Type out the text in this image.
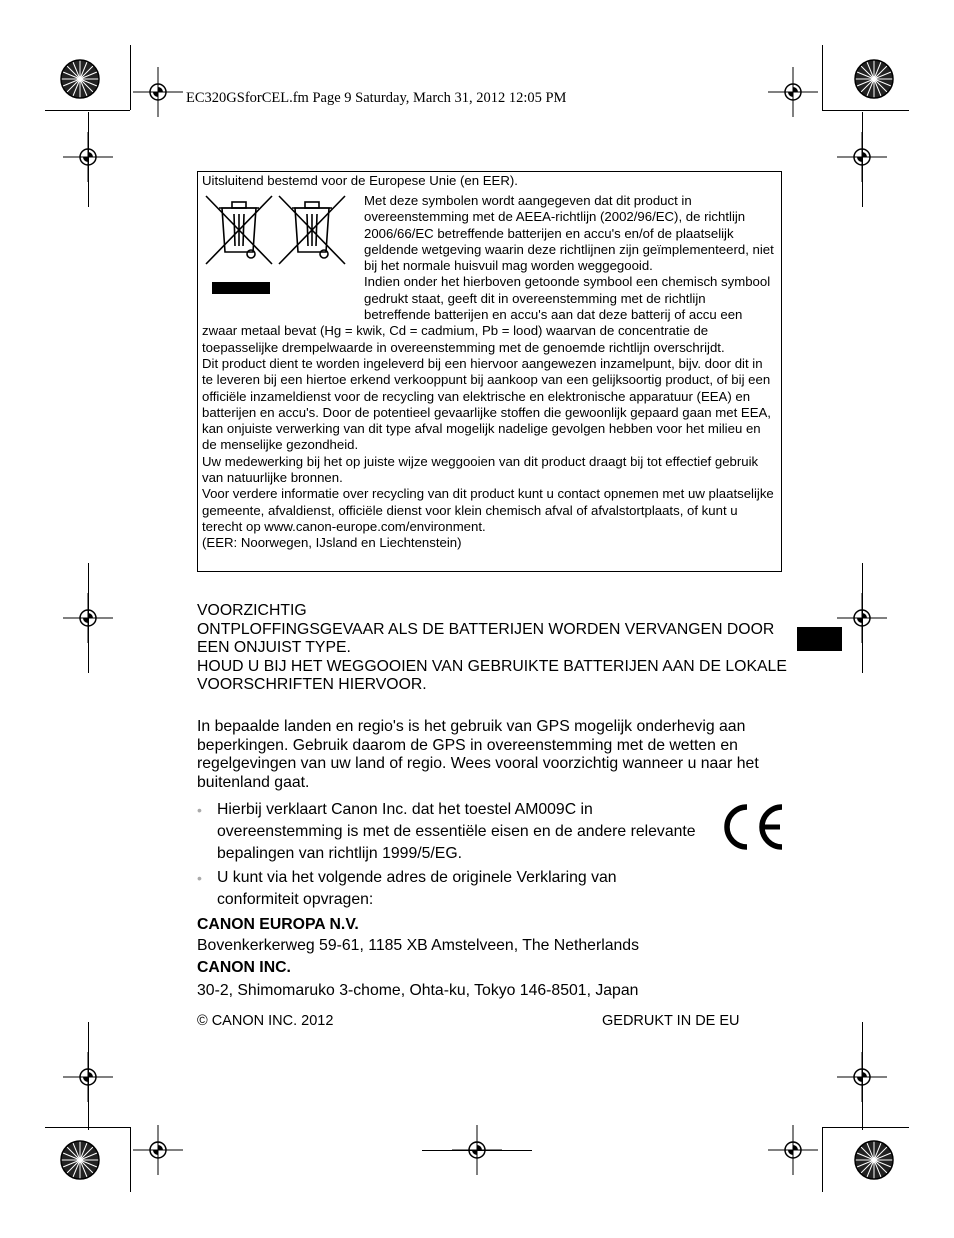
EC320GSforCEL.fm Page 9 Saturday, March 31, 2012 12:05 PM
Uitsluitend bestemd voor de Europese Unie (en EER).

Met deze symbolen wordt aangegeven dat dit product in overeenstemming met de AEEA-richtlijn (2002/96/EC), de richtlijn 2006/66/EC betreffende batterijen en accu's en/of de plaatselijk geldende wetgeving waarin deze richtlijnen zijn geïmplementeerd, niet bij het normale huisvuil mag worden weggegooid.

Indien onder het hierboven getoonde symbool een chemisch symbool gedrukt staat, geeft dit in overeenstemming met de richtlijn betreffende batterijen en accu's aan dat deze batterij of accu een zwaar metaal bevat (Hg = kwik, Cd = cadmium, Pb = lood) waarvan de concentratie de toepasselijke drempelwaarde in overeenstemming met de genoemde richtlijn overschrijdt.

Dit product dient te worden ingeleverd bij een hiervoor aangewezen inzamelpunt, bijv. door dit in te leveren bij een hiertoe erkend verkooppunt bij aankoop van een gelijksoortig product, of bij een officiële inzameldienst voor de recycling van elektrische en elektronische apparatuur (EEA) en batterijen en accu's. Door de potentieel gevaarlijke stoffen die gewoonlijk gepaard gaan met EEA, kan onjuiste verwerking van dit type afval mogelijk nadelige gevolgen hebben voor het milieu en de menselijke gezondheid.

Uw medewerking bij het op juiste wijze weggooien van dit product draagt bij tot effectief gebruik van natuurlijke bronnen.

Voor verdere informatie over recycling van dit product kunt u contact opnemen met uw plaatselijke gemeente, afvaldienst, officiële dienst voor klein chemisch afval of afvalstortplaats, of kunt u terecht op www.canon-europe.com/environment.

(EER: Noorwegen, IJsland en Liechtenstein)

VOORZICHTIG

ONTPLOFFINGSGEVAAR ALS DE BATTERIJEN WORDEN VERVANGEN DOOR EEN ONJUIST TYPE.

HOUD U BIJ HET WEGGOOIEN VAN GEBRUIKTE BATTERIJEN AAN DE LOKALE VOORSCHRIFTEN HIERVOOR.

In bepaalde landen en regio's is het gebruik van GPS mogelijk onderhevig aan beperkingen. Gebruik daarom de GPS in overeenstemming met de wetten en regelgevingen van uw land of regio. Wees vooral voorzichtig wanneer u naar het buitenland gaat.

• Hierbij verklaart Canon Inc. dat het toestel AM009C in overeenstemming is met de essentiële eisen en de andere relevante bepalingen van richtlijn 1999/5/EG.
• U kunt via het volgende adres de originele Verklaring van conformiteit opvragen:
CANON EUROPA N.V.
Bovenkerkerweg 59-61, 1185 XB Amstelveen, The Netherlands
CANON INC.
30-2, Shimomaruko 3-chome, Ohta-ku, Tokyo 146-8501, Japan
© CANON INC. 2012	GEDRUKT IN DE EU
